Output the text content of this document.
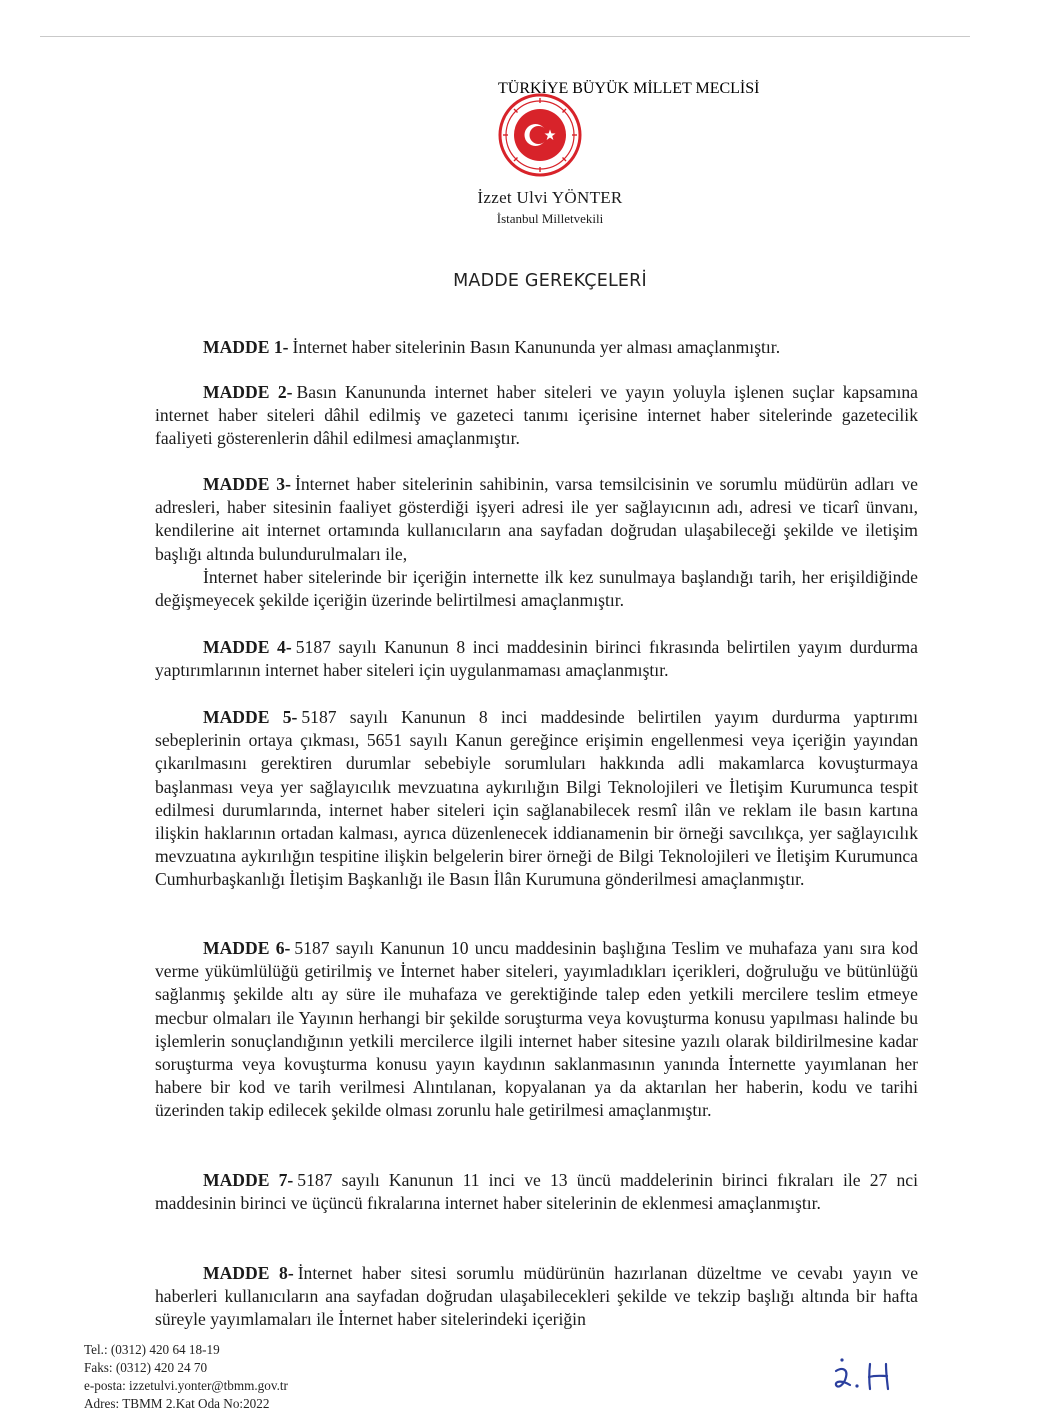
TÜRKİYE BÜYÜK MİLLET MECLİSİ
İzzet Ulvi YÖNTER
İstanbul Milletvekili
MADDE GEREKÇELERİ

MADDE 1- İnternet haber sitelerinin Basın Kanununda yer alması amaçlanmıştır.

MADDE 2- Basın Kanununda internet haber siteleri ve yayın yoluyla işlenen suçlar kapsamına internet haber siteleri dâhil edilmiş ve gazeteci tanımı içerisine internet haber sitelerinde gazetecilik faaliyeti gösterenlerin dâhil edilmesi amaçlanmıştır.

MADDE 3- İnternet haber sitelerinin sahibinin, varsa temsilcisinin ve sorumlu müdürün adları ve adresleri, haber sitesinin faaliyet gösterdiği işyeri adresi ile yer sağlayıcının adı, adresi ve ticarî ünvanı, kendilerine ait internet ortamında kullanıcıların ana sayfadan doğrudan ulaşabileceği şekilde ve iletişim başlığı altında bulundurulmaları ile,

İnternet haber sitelerinde bir içeriğin internette ilk kez sunulmaya başlandığı tarih, her erişildiğinde değişmeyecek şekilde içeriğin üzerinde belirtilmesi amaçlanmıştır.

MADDE 4- 5187 sayılı Kanunun 8 inci maddesinin birinci fıkrasında belirtilen yayım durdurma yaptırımlarının internet haber siteleri için uygulanmaması amaçlanmıştır.

MADDE 5- 5187 sayılı Kanunun 8 inci maddesinde belirtilen yayım durdurma yaptırımı sebeplerinin ortaya çıkması, 5651 sayılı Kanun gereğince erişimin engellenmesi veya içeriğin yayından çıkarılmasını gerektiren durumlar sebebiyle sorumluları hakkında adli makamlarca kovuşturmaya başlanması veya yer sağlayıcılık mevzuatına aykırılığın Bilgi Teknolojileri ve İletişim Kurumunca tespit edilmesi durumlarında, internet haber siteleri için sağlanabilecek resmî ilân ve reklam ile basın kartına ilişkin haklarının ortadan kalması, ayrıca düzenlenecek iddianamenin bir örneği savcılıkça, yer sağlayıcılık mevzuatına aykırılığın tespitine ilişkin belgelerin birer örneği de Bilgi Teknolojileri ve İletişim Kurumunca Cumhurbaşkanlığı İletişim Başkanlığı ile Basın İlân Kurumuna gönderilmesi amaçlanmıştır.

MADDE 6- 5187 sayılı Kanunun 10 uncu maddesinin başlığına Teslim ve muhafaza yanı sıra kod verme yükümlülüğü getirilmiş ve İnternet haber siteleri, yayımladıkları içerikleri, doğruluğu ve bütünlüğü sağlanmış şekilde altı ay süre ile muhafaza ve gerektiğinde talep eden yetkili mercilere teslim etmeye mecbur olmaları ile Yayının herhangi bir şekilde soruşturma veya kovuşturma konusu yapılması halinde bu işlemlerin sonuçlandığının yetkili mercilerce ilgili internet haber sitesine yazılı olarak bildirilmesine kadar soruşturma veya kovuşturma konusu yayın kaydının saklanmasının yanında İnternette yayımlanan her habere bir kod ve tarih verilmesi Alıntılanan, kopyalanan ya da aktarılan her haberin, kodu ve tarihi üzerinden takip edilecek şekilde olması zorunlu hale getirilmesi amaçlanmıştır.

MADDE 7- 5187 sayılı Kanunun 11 inci ve 13 üncü maddelerinin birinci fıkraları ile 27 nci maddesinin birinci ve üçüncü fıkralarına internet haber sitelerinin de eklenmesi amaçlanmıştır.

MADDE 8- İnternet haber sitesi sorumlu müdürünün hazırlanan düzeltme ve cevabı yayın ve haberleri kullanıcıların ana sayfadan doğrudan ulaşabilecekleri şekilde ve tekzip başlığı altında bir hafta süreyle yayımlamaları ile İnternet haber sitelerindeki içeriğin

Tel.: (0312) 420 64 18-19
Faks: (0312) 420 24 70
e-posta: izzetulvi.yonter@tbmm.gov.tr
Adres: TBMM 2.Kat Oda No:2022
